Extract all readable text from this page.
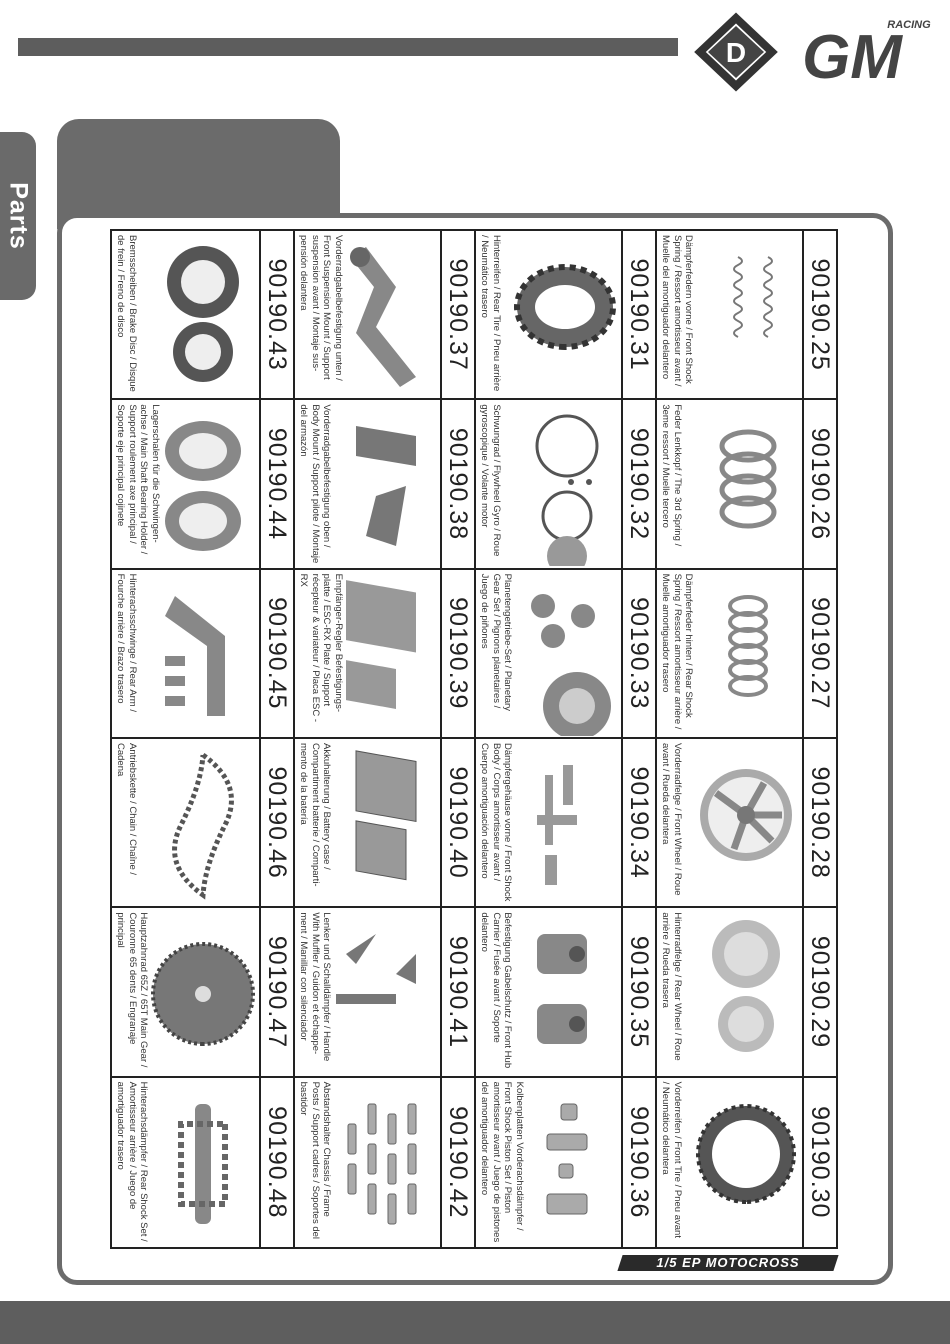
D GM
RACING
Parts
90190.25
Dämpferfedern vorne / Front Shock Spring / Ressort amortisseur avant / Muelle del amortiguador delantero
90190.26
Feder Lenkkopf / The 3rd Spring / 3eme ressort / Muelle tercero
90190.27
Dämpferfeder hinten / Rear Shock Spring / Ressort amortisseur arrière / Muelle amortiguador trasero
90190.28
Vorderradfelge / Front Wheel / Roue avant / Rueda delantera
90190.29
Hinterradfelge / Rear Wheel / Roue arrière / Rueda trasera
90190.30
Vorderreifen / Front Tire / Pneu avant / Neumático delantera
90190.31
Hinterreifen / Rear Tire / Pneu arrière / Neumático trasero
90190.32
Schwungrad / Flywheel Gyro / Roue gyroscopique / Volante motor
90190.33
Planetengetriebe-Set / Planetary Gear Set / Pignons planetaires / Juego de piñones
90190.34
Dämpfergehäuse vorne / Front Shock Body / Corps amortisseur avant / Cuerpo amortiguación delantero
90190.35
Befestigung Gabelschutz / Front Hub Carrier / Fusée avant / Soporte delantero
90190.36
Kolbenplatten Vorderachsdämpfer / Front Shock Piston Set / Piston amortisseur avant / Juego de pistones del amortiguador delantero
90190.37
Vorderradgabelbefestigung unten / Front Suspension Mount / Support suspension avant / Montaje sus-pensión delantera
90190.38
Vorderradgabelbefestigung oben / Body Mount / Support pilote / Montaje del armazón
90190.39
Empfänger-Regler Befestigungs-platte / ESC-RX Plate / Support récepteur & variateur / Placa ESC -RX
90190.40
Akkuhalterung / Battery case / Compartiment batterie / Comparti-mento de la batería
90190.41
Lenker und Schalldämpfer / Handle With Muffler / Guidon et échappe-ment / Manillar con silenciador
90190.42
Abstandshalter Chassis / Frame Posts / Support cadres / Soportes del bastidor
90190.43
Bremsscheiben / Brake Disc / Disque de frein / Freno de disco
90190.44
Lagerschalen für die Schwingen-achse / Main Shaft Bearing Holder / Support roulement axe principal / Soporte eje principal cojinete
90190.45
Hinterachsschwinge / Rear Arm / Fourche arrière / Brazo trasero
90190.46
Antriebskette / Chain / Chaîne / Cadena
90190.47
Hauptzahnrad 65Z / 65T Main Gear / Couronne 65 dents / Engranaje principal
90190.48
Hinterachsdämpfer / Rear Shock Set / Amortisseur arrière / Juego de amortiguador trasero
1/5 EP MOTOCROSS
